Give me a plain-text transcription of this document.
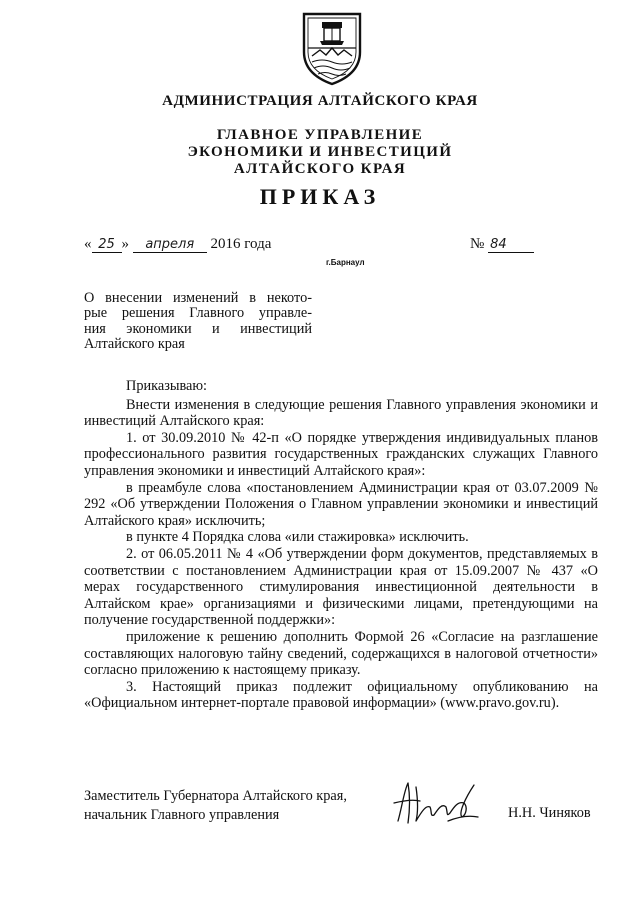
АДМИНИСТРАЦИЯ АЛТАЙСКОГО КРАЯ
ГЛАВНОЕ УПРАВЛЕНИЕ
ЭКОНОМИКИ И ИНВЕСТИЦИЙ
АЛТАЙСКОГО КРАЯ
ПРИКАЗ
« 25 » апреля 2016 года	№ 84
г.Барнаул
О внесении изменений в некото-
рые решения Главного управле-
ния экономики и инвестиций
Алтайского края

Приказываю:

Внести изменения в следующие решения Главного управления экономики и инвестиций Алтайского края:

1. от 30.09.2010 № 42-п «О порядке утверждения индивидуальных планов профессионального развития государственных гражданских служащих Главного управления экономики и инвестиций Алтайского края»:

в преамбуле слова «постановлением Администрации края от 03.07.2009 № 292 «Об утверждении Положения о Главном управлении экономики и инвестиций Алтайского края» исключить;

в пункте 4 Порядка слова «или стажировка» исключить.

2. от 06.05.2011 № 4 «Об утверждении форм документов, представляемых в соответствии с постановлением Администрации края от 15.09.2007 № 437 «О мерах государственного стимулирования инвестиционной деятельности в Алтайском крае» организациями и физическими лицами, претендующими на получение государственной поддержки»:

приложение к решению дополнить Формой 26 «Согласие на разглашение составляющих налоговую тайну сведений, содержащихся в налоговой отчетности» согласно приложению к настоящему приказу.

3. Настоящий приказ подлежит официальному опубликованию на «Официальном интернет-портале правовой информации» (www.pravo.gov.ru).

Заместитель Губернатора Алтайского края,
начальник Главного управления	Н.Н. Чиняков
